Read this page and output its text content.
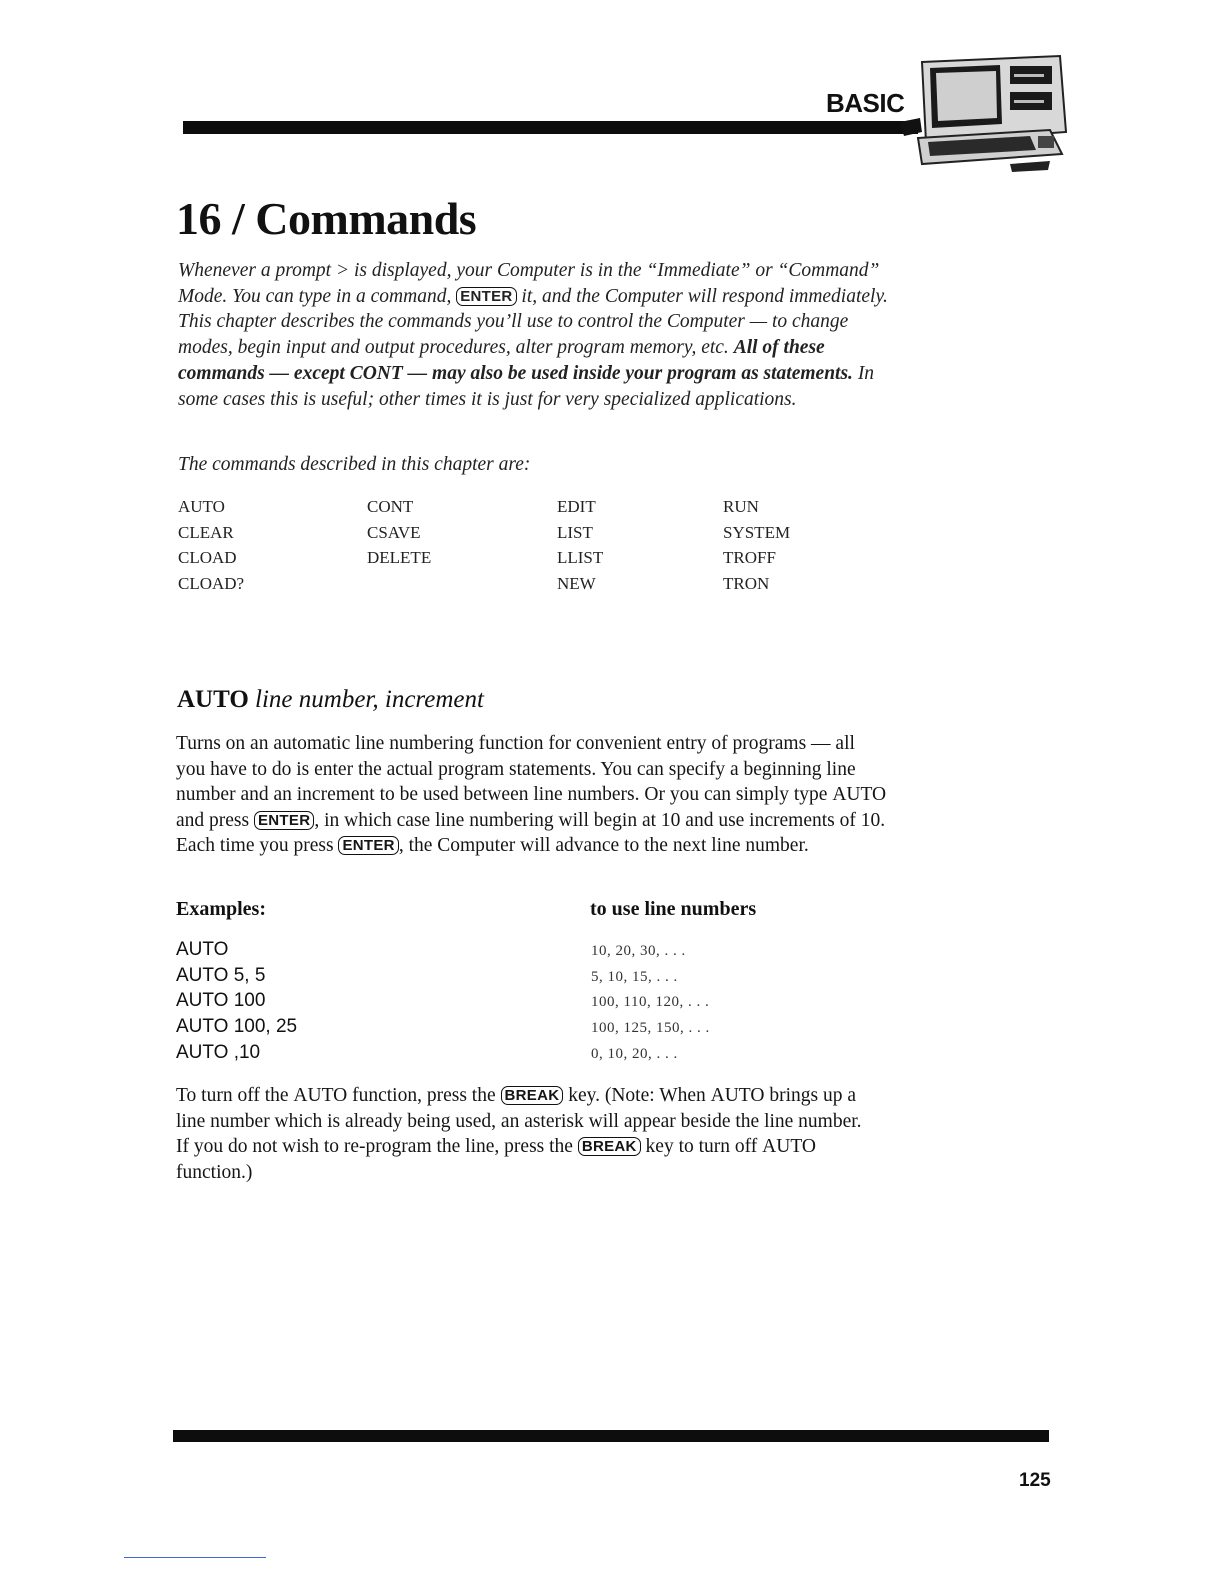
BASIC
16 / Commands

Whenever a prompt > is displayed, your Computer is in the “Immediate” or “Command” Mode. You can type in a command, ENTER it, and the Computer will respond immediately. This chapter describes the commands you’ll use to control the Computer — to change modes, begin input and output procedures, alter program memory, etc. All of these commands — except CONT — may also be used inside your program as statements. In some cases this is useful; other times it is just for very specialized applications.

The commands described in this chapter are:

AUTO
CLEAR
CLOAD
CLOAD?
CONT
CSAVE
DELETE
EDIT
LIST
LLIST
NEW
RUN
SYSTEM
TROFF
TRON
AUTO line number, increment

Turns on an automatic line numbering function for convenient entry of programs — all you have to do is enter the actual program statements. You can specify a beginning line number and an increment to be used between line numbers. Or you can simply type AUTO and press ENTER , in which case line numbering will begin at 10 and use increments of 10. Each time you press ENTER , the Computer will advance to the next line number.

Examples:	to use line numbers
AUTO
AUTO 5, 5
AUTO 100
AUTO 100, 25
AUTO ,10
10, 20, 30, . . .
5, 10, 15, . . .
100, 110, 120, . . .
100, 125, 150, . . .
0, 10, 20, . . .

To turn off the AUTO function, press the BREAK key. (Note: When AUTO brings up a line number which is already being used, an asterisk will appear beside the line number. If you do not wish to re-program the line, press the BREAK key to turn off AUTO function.)

125
